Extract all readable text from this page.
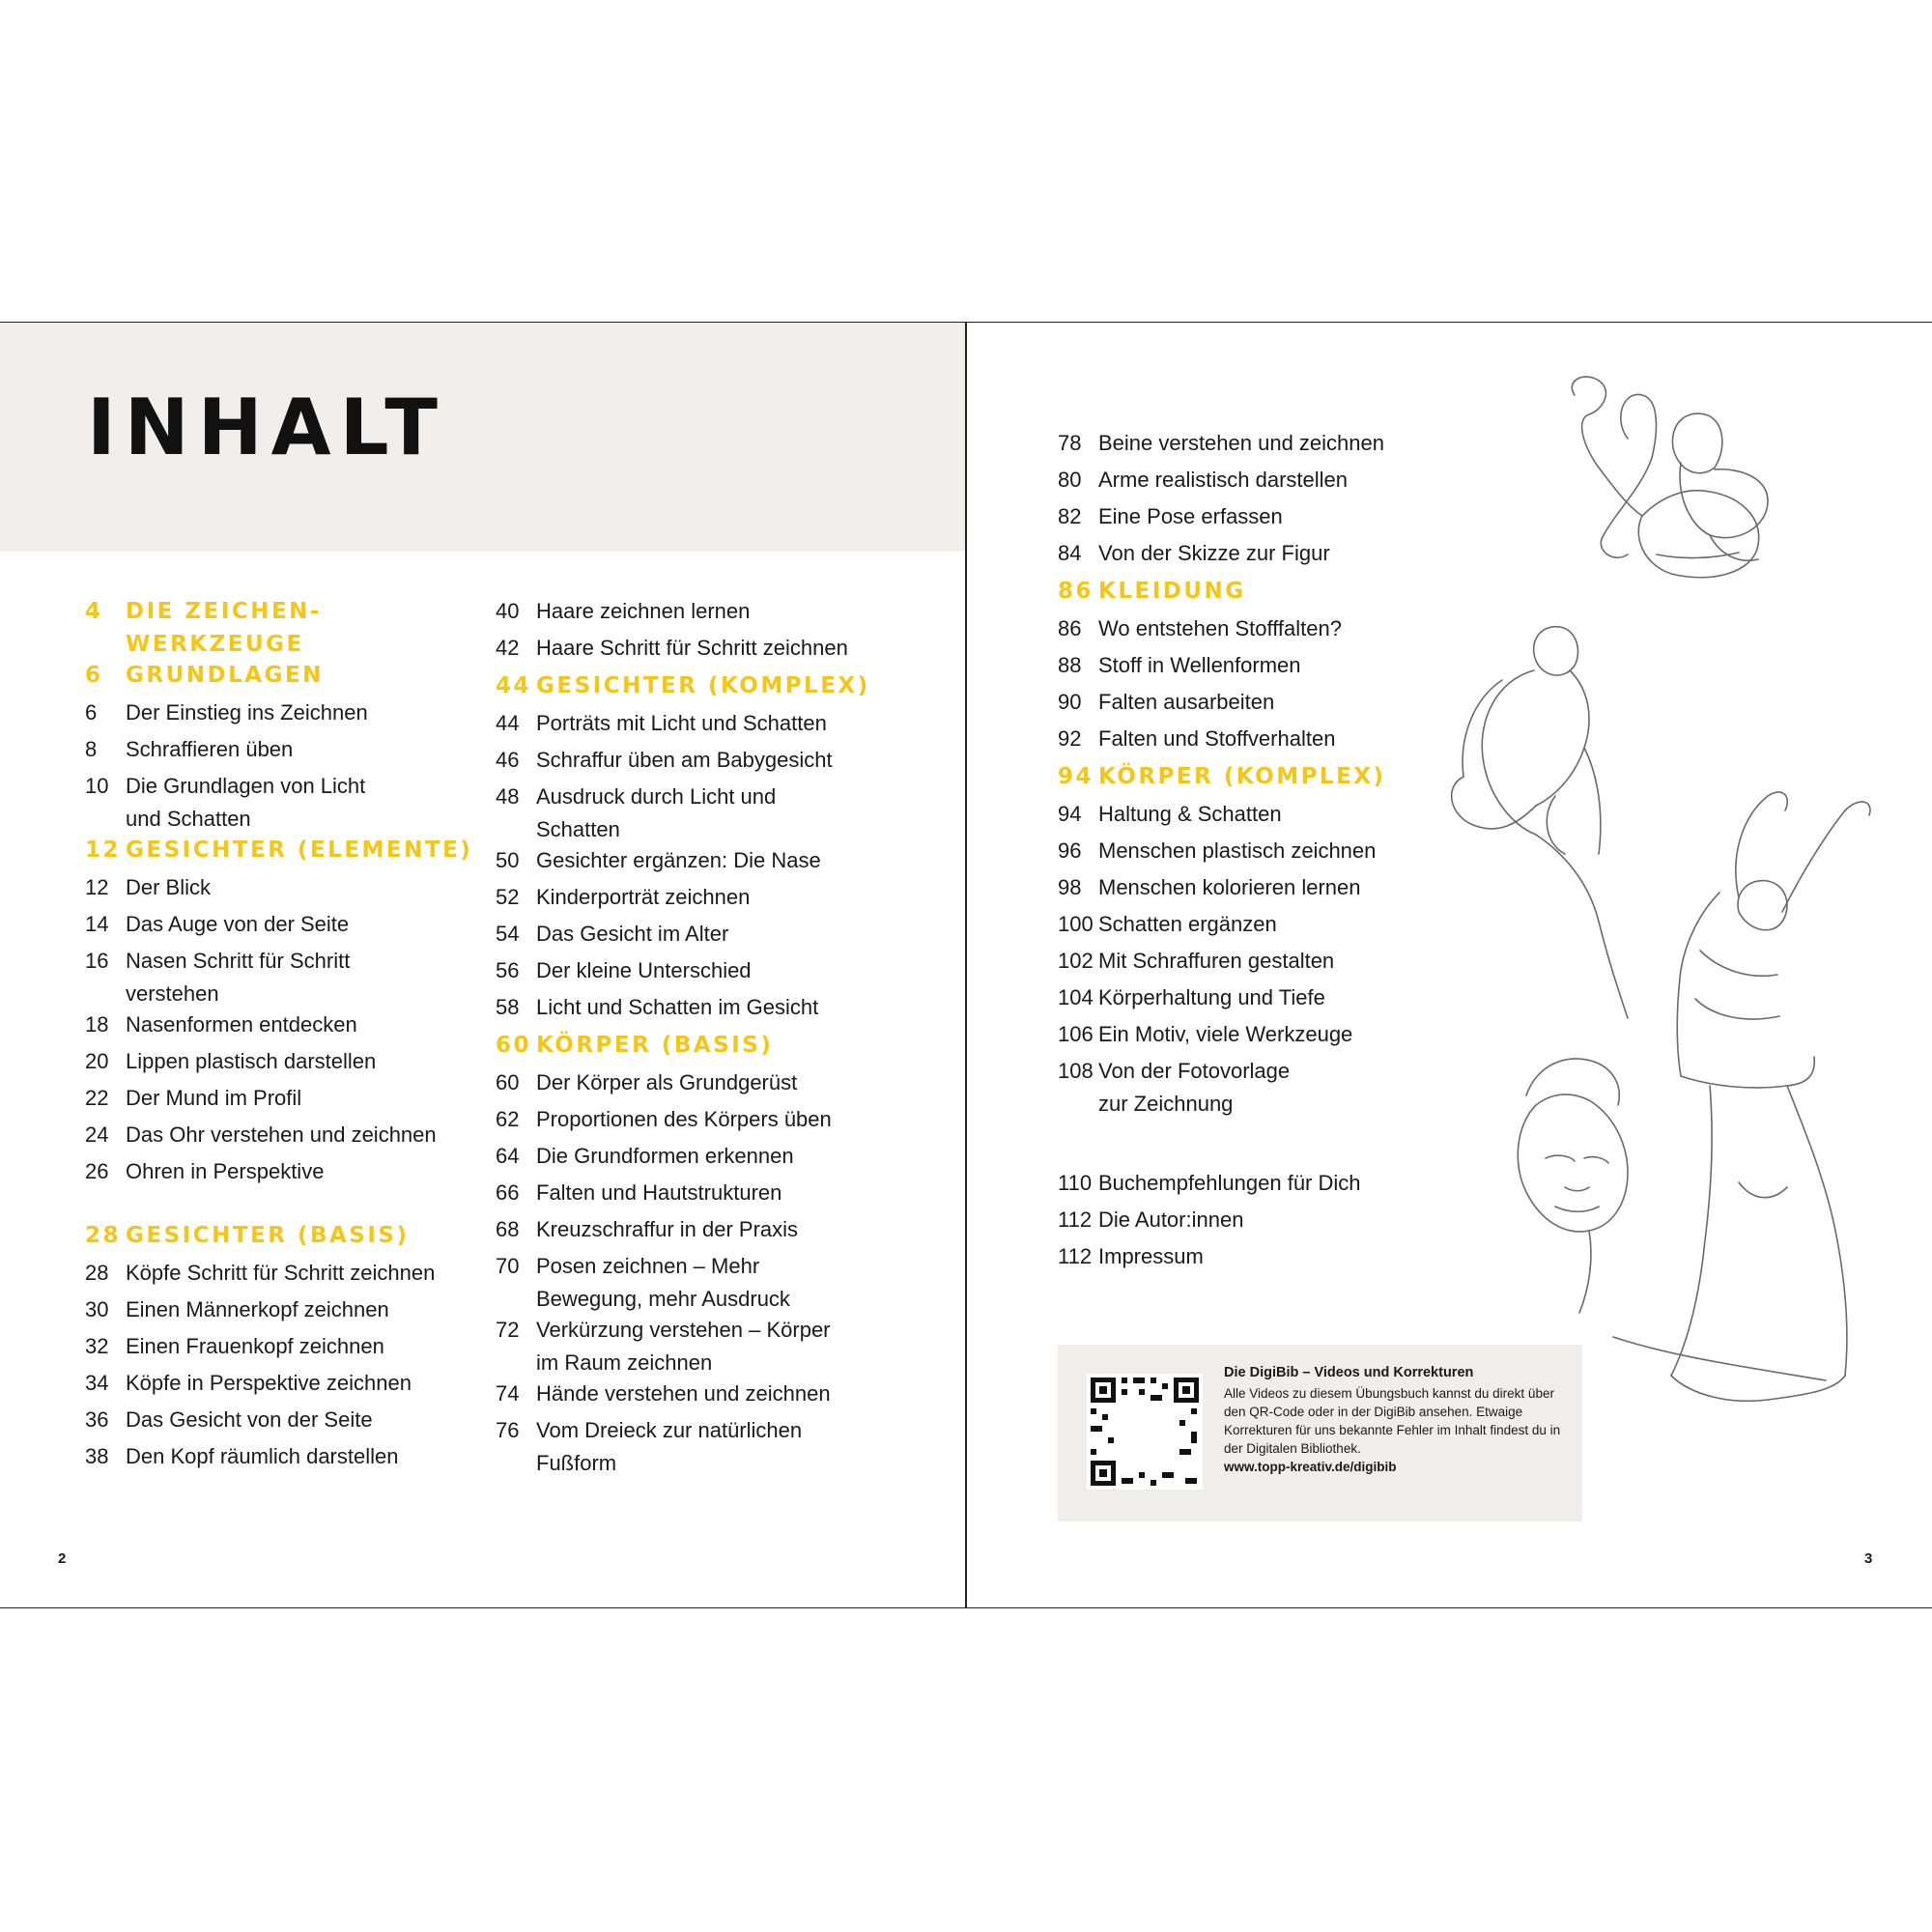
INHALT
4 DIE ZEICHEN-
WERKZEUGE
6 GRUNDLAGEN
6 Der Einstieg ins Zeichnen
8 Schraffieren üben
10 Die Grundlagen von Licht
und Schatten
12 GESICHTER (ELEMENTE)
12 Der Blick
14 Das Auge von der Seite
16 Nasen Schritt für Schritt
verstehen
18 Nasenformen entdecken
20 Lippen plastisch darstellen
22 Der Mund im Profil
24 Das Ohr verstehen und zeichnen
26 Ohren in Perspektive
28 GESICHTER (BASIS)
28 Köpfe Schritt für Schritt zeichnen
30 Einen Männerkopf zeichnen
32 Einen Frauenkopf zeichnen
34 Köpfe in Perspektive zeichnen
36 Das Gesicht von der Seite
38 Den Kopf räumlich darstellen
40 Haare zeichnen lernen
42 Haare Schritt für Schritt zeichnen
44 GESICHTER (KOMPLEX)
44 Porträts mit Licht und Schatten
46 Schraffur üben am Babygesicht
48 Ausdruck durch Licht und
Schatten
50 Gesichter ergänzen: Die Nase
52 Kinderporträt zeichnen
54 Das Gesicht im Alter
56 Der kleine Unterschied
58 Licht und Schatten im Gesicht
60 KÖRPER (BASIS)
60 Der Körper als Grundgerüst
62 Proportionen des Körpers üben
64 Die Grundformen erkennen
66 Falten und Hautstrukturen
68 Kreuzschraffur in der Praxis
70 Posen zeichnen – Mehr
Bewegung, mehr Ausdruck
72 Verkürzung verstehen – Körper
im Raum zeichnen
74 Hände verstehen und zeichnen
76 Vom Dreieck zur natürlichen
Fußform
2
78 Beine verstehen und zeichnen
80 Arme realistisch darstellen
82 Eine Pose erfassen
84 Von der Skizze zur Figur
86 KLEIDUNG
86 Wo entstehen Stofffalten?
88 Stoff in Wellenformen
90 Falten ausarbeiten
92 Falten und Stoffverhalten
94 KÖRPER (KOMPLEX)
94 Haltung & Schatten
96 Menschen plastisch zeichnen
98 Menschen kolorieren lernen
100 Schatten ergänzen
102 Mit Schraffuren gestalten
104 Körperhaltung und Tiefe
106 Ein Motiv, viele Werkzeuge
108 Von der Fotovorlage
zur Zeichnung
110 Buchempfehlungen für Dich
112 Die Autor:innen
112 Impressum
Die DigiBib – Videos und Korrekturen
Alle Videos zu diesem Übungsbuch kannst du direkt über den QR-Code oder in der DigiBib ansehen. Etwaige Korrekturen für uns bekannte Fehler im Inhalt findest du in der Digitalen Bibliothek.
www.topp-kreativ.de/digibib
3
